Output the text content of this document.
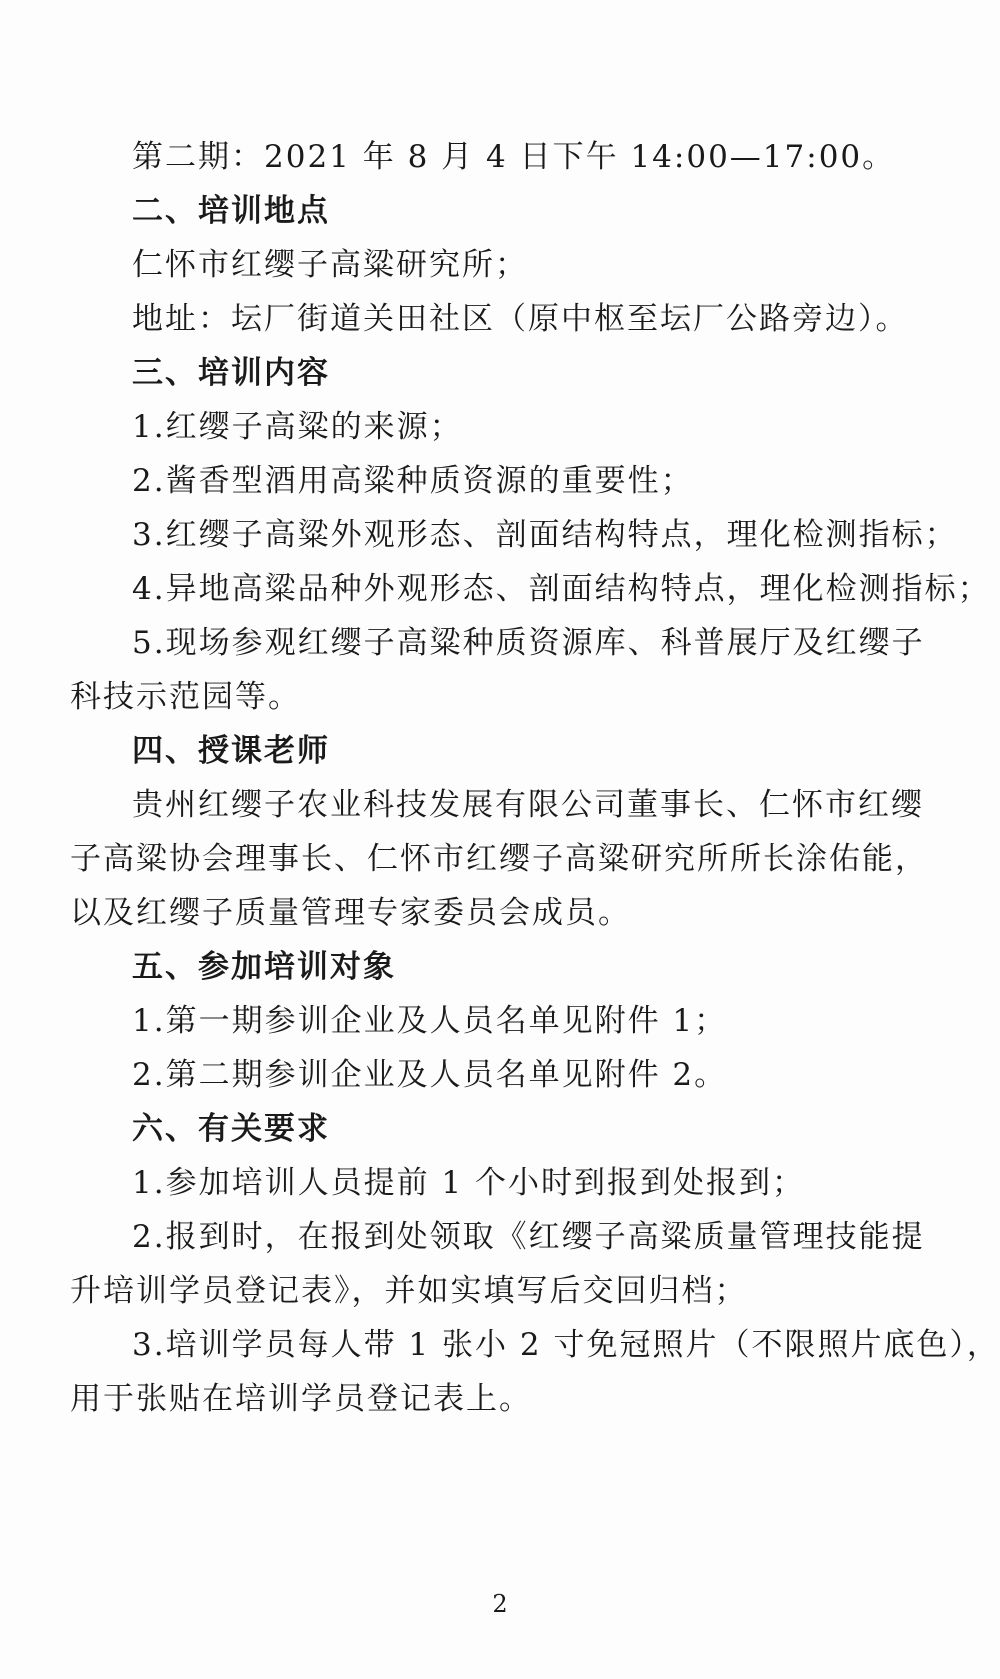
第二期：2021 年 8 月 4 日下午 14:00—17:00。
二、培训地点
仁怀市红缨子高粱研究所；
地址：坛厂街道关田社区（原中枢至坛厂公路旁边）。
三、培训内容
1.红缨子高粱的来源；
2.酱香型酒用高粱种质资源的重要性；
3.红缨子高粱外观形态、剖面结构特点，理化检测指标；
4.异地高粱品种外观形态、剖面结构特点，理化检测指标；
5.现场参观红缨子高粱种质资源库、科普展厅及红缨子
科技示范园等。
四、授课老师
贵州红缨子农业科技发展有限公司董事长、仁怀市红缨
子高粱协会理事长、仁怀市红缨子高粱研究所所长涂佑能，
以及红缨子质量管理专家委员会成员。
五、参加培训对象
1.第一期参训企业及人员名单见附件 1；
2.第二期参训企业及人员名单见附件 2。
六、有关要求
1.参加培训人员提前 1 个小时到报到处报到；
2.报到时，在报到处领取《红缨子高粱质量管理技能提
升培训学员登记表》，并如实填写后交回归档；
3.培训学员每人带 1 张小 2 寸免冠照片（不限照片底色），
用于张贴在培训学员登记表上。
2
